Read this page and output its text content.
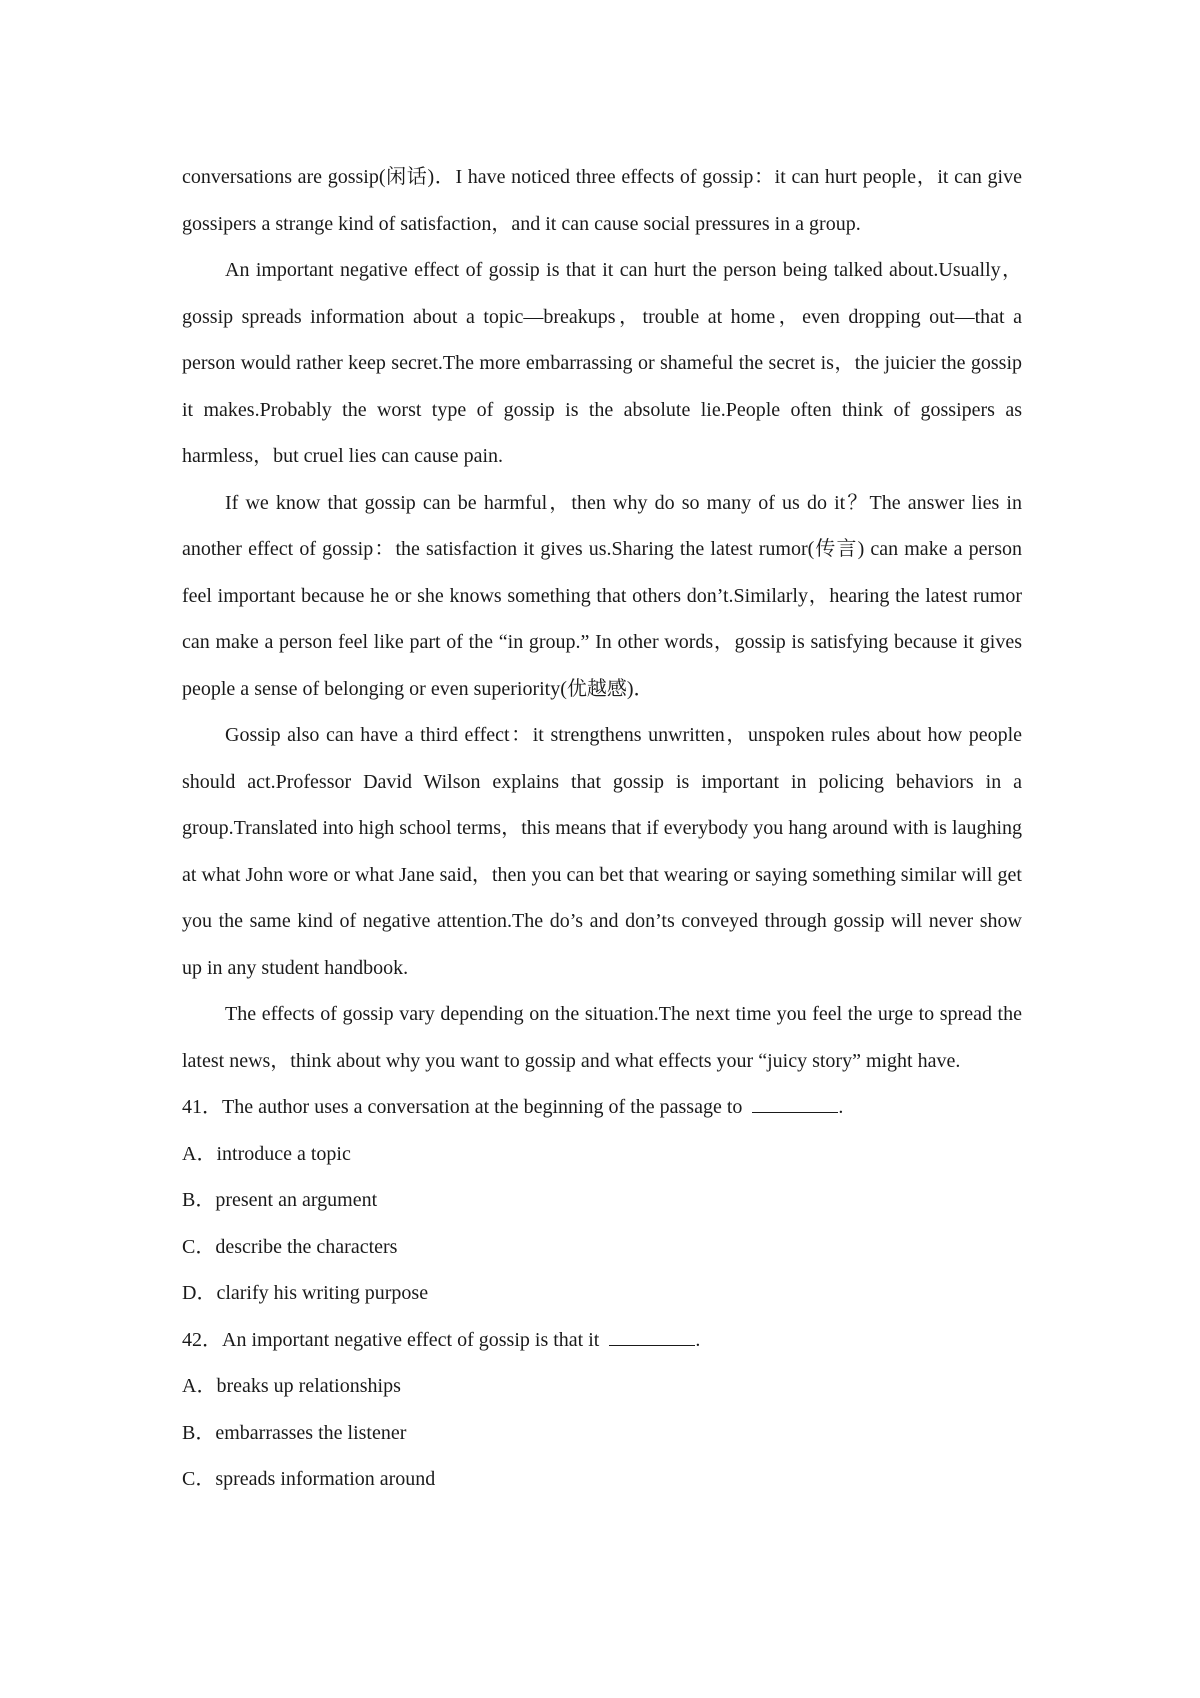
conversations are gossip(闲话)．I have noticed three effects of gossip：it can hurt people，it can give gossipers a strange kind of satisfaction，and it can cause social pressures in a group.

An important negative effect of gossip is that it can hurt the person being talked about.Usually，gossip spreads information about a topic—breakups，trouble at home，even dropping out—that a person would rather keep secret.The more embarrassing or shameful the secret is，the juicier the gossip it makes.Probably the worst type of gossip is the absolute lie.People often think of gossipers as harmless，but cruel lies can cause pain.

If we know that gossip can be harmful，then why do so many of us do it？The answer lies in another effect of gossip：the satisfaction it gives us.Sharing the latest rumor(传言) can make a person feel important because he or she knows something that others don’t.Similarly，hearing the latest rumor can make a person feel like part of the “in group.” In other words，gossip is satisfying because it gives people a sense of belonging or even superiority(优越感)．

Gossip also can have a third effect：it strengthens unwritten，unspoken rules about how people should act.Professor David Wilson explains that gossip is important in policing behaviors in a group.Translated into high school terms，this means that if everybody you hang around with is laughing at what John wore or what Jane said，then you can bet that wearing or saying something similar will get you the same kind of negative attention.The do’s and don’ts conveyed through gossip will never show up in any student handbook.

The effects of gossip vary depending on the situation.The next time you feel the urge to spread the latest news，think about why you want to gossip and what effects your “juicy story” might have.

41．The author uses a conversation at the beginning of the passage to	.

A．introduce a topic

B．present an argument

C．describe the characters

D．clarify his writing purpose

42．An important negative effect of gossip is that it	.

A．breaks up relationships

B．embarrasses the listener

C．spreads information around
